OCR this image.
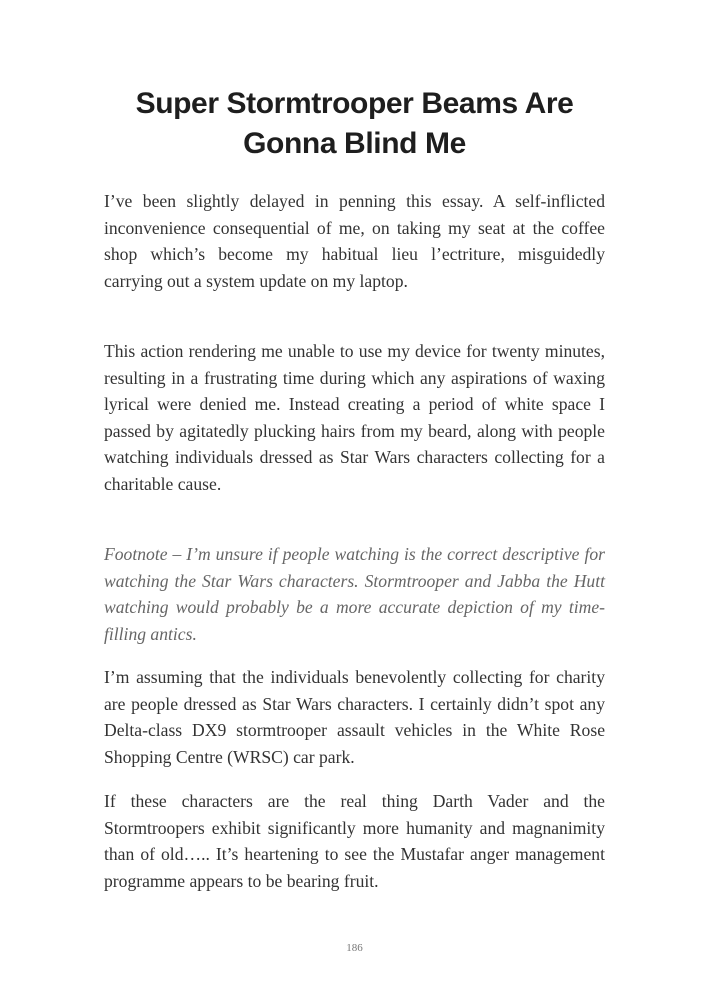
Super Stormtrooper Beams Are Gonna Blind Me

I’ve been slightly delayed in penning this essay. A self-inflicted inconvenience consequential of me, on taking my seat at the coffee shop which’s become my habitual lieu l’ectriture, misguidedly carrying out a system update on my laptop.

This action rendering me unable to use my device for twenty minutes, resulting in a frustrating time during which any aspirations of waxing lyrical were denied me. Instead creating a period of white space I passed by agitatedly plucking hairs from my beard, along with people watching individuals dressed as Star Wars characters collecting for a charitable cause.

Footnote – I’m unsure if people watching is the correct descriptive for watching the Star Wars characters. Stormtrooper and Jabba the Hutt watching would probably be a more accurate depiction of my time-filling antics.

I’m assuming that the individuals benevolently collecting for charity are people dressed as Star Wars characters. I certainly didn’t spot any Delta-class DX9 stormtrooper assault vehicles in the White Rose Shopping Centre (WRSC) car park.

If these characters are the real thing Darth Vader and the Stormtroopers exhibit significantly more humanity and magnanimity than of old….. It’s heartening to see the Mustafar anger management programme appears to be bearing fruit.

186
